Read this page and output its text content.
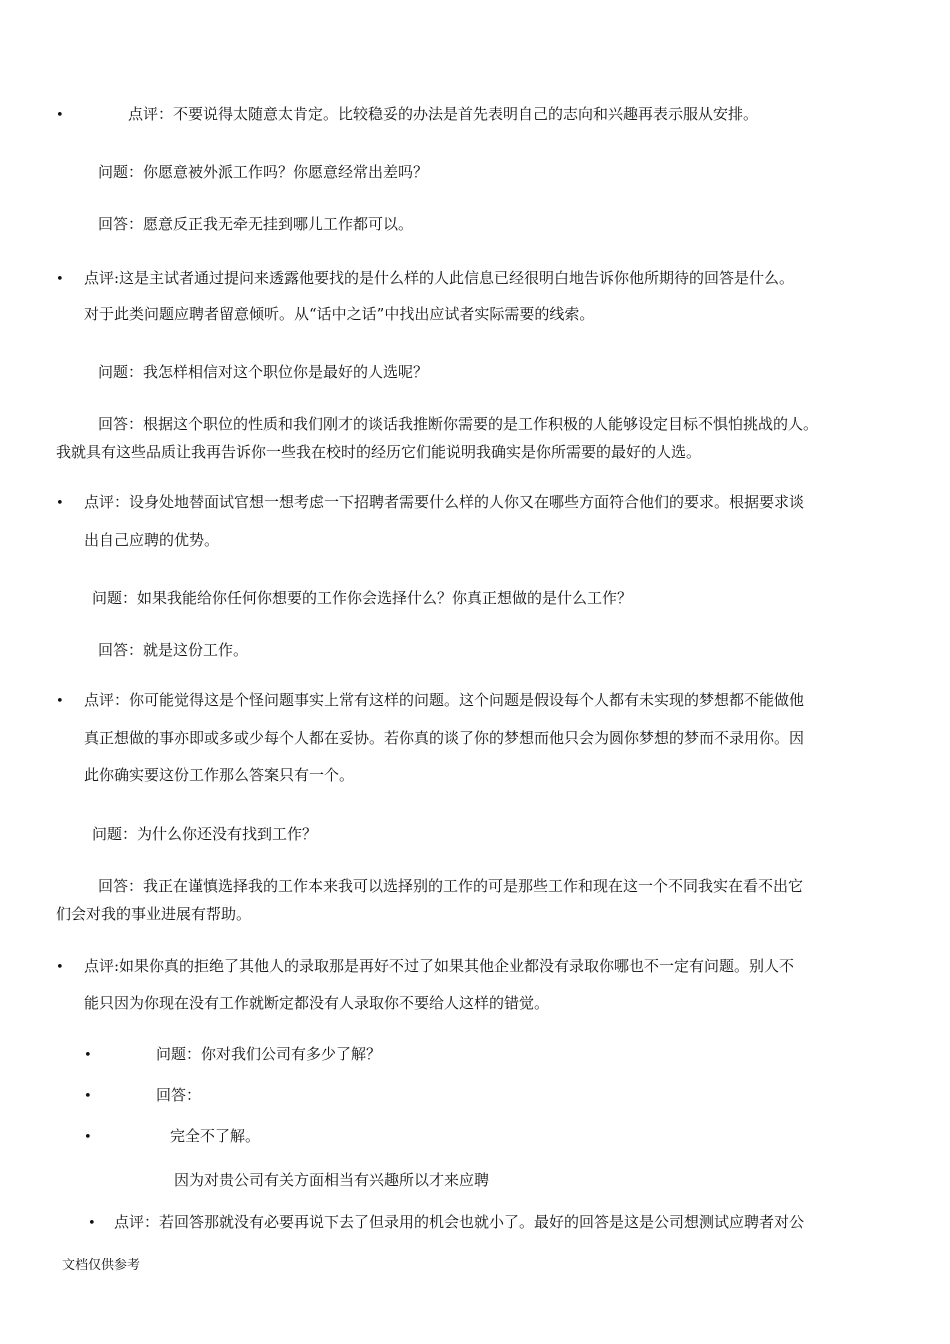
•	点评：不要说得太随意太肯定。比较稳妥的办法是首先表明自己的志向和兴趣再表示服从安排。
问题：你愿意被外派工作吗？你愿意经常出差吗？
回答：愿意反正我无牵无挂到哪儿工作都可以。
• 点评:这是主试者通过提问来透露他要找的是什么样的人此信息已经很明白地告诉你他所期待的回答是什么。
对于此类问题应聘者留意倾听。从“话中之话”中找出应试者实际需要的线索。
问题：我怎样相信对这个职位你是最好的人选呢？
回答：根据这个职位的性质和我们刚才的谈话我推断你需要的是工作积极的人能够设定目标不惧怕挑战的人。
我就具有这些品质让我再告诉你一些我在校时的经历它们能说明我确实是你所需要的最好的人选。
• 点评：设身处地替面试官想一想考虑一下招聘者需要什么样的人你又在哪些方面符合他们的要求。根据要求谈
出自己应聘的优势。
问题：如果我能给你任何你想要的工作你会选择什么？你真正想做的是什么工作？
回答：就是这份工作。
• 点评：你可能觉得这是个怪问题事实上常有这样的问题。这个问题是假设每个人都有未实现的梦想都不能做他
真正想做的事亦即或多或少每个人都在妥协。若你真的谈了你的梦想而他只会为圆你梦想的梦而不录用你。因
此你确实要这份工作那么答案只有一个。
问题：为什么你还没有找到工作？
回答：我正在谨慎选择我的工作本来我可以选择别的工作的可是那些工作和现在这一个不同我实在看不出它
们会对我的事业进展有帮助。
• 点评:如果你真的拒绝了其他人的录取那是再好不过了如果其他企业都没有录取你哪也不一定有问题。别人不
能只因为你现在没有工作就断定都没有人录取你不要给人这样的错觉。
•	问题：你对我们公司有多少了解？
•	回答：
•	完全不了解。
因为对贵公司有关方面相当有兴趣所以才来应聘
• 点评：若回答那就没有必要再说下去了但录用的机会也就小了。最好的回答是这是公司想测试应聘者对公
文档仅供参考
